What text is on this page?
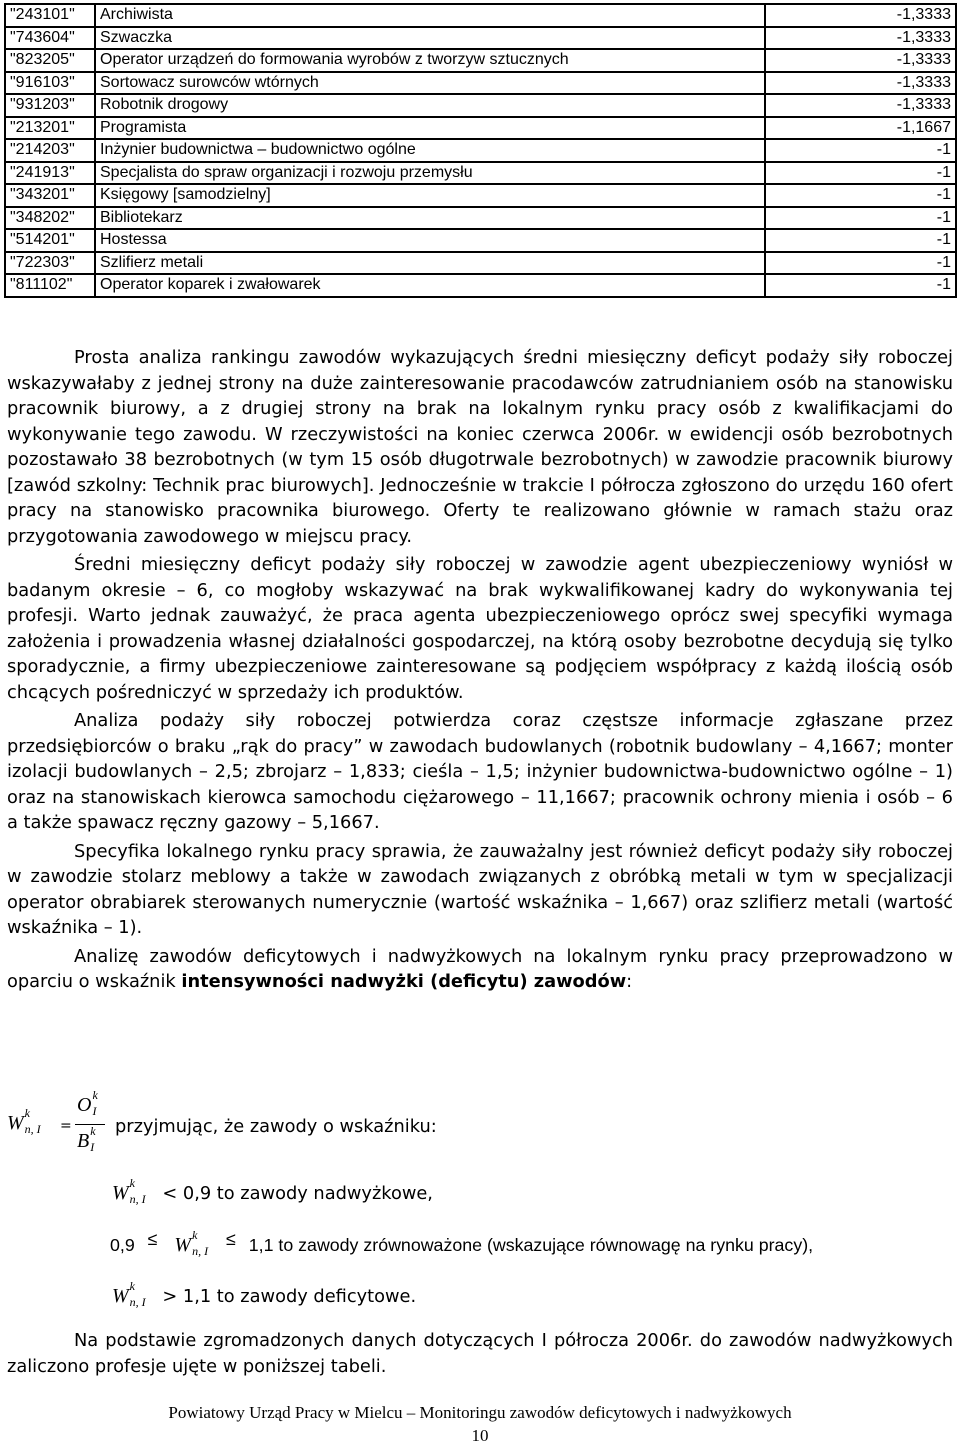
"243101"	Archiwista	-1,3333
"743604"	Szwaczka	-1,3333
"823205"	Operator urządzeń do formowania wyrobów z tworzyw sztucznych	-1,3333
"916103"	Sortowacz surowców wtórnych	-1,3333
"931203"	Robotnik drogowy	-1,3333
"213201"	Programista	-1,1667
"214203"	Inżynier budownictwa – budownictwo ogólne	-1
"241913"	Specjalista do spraw organizacji i rozwoju przemysłu	-1
"343201"	Księgowy [samodzielny]	-1
"348202"	Bibliotekarz	-1
"514201"	Hostessa	-1
"722303"	Szlifierz metali	-1
"811102"	Operator koparek i zwałowarek	-1

Prosta analiza rankingu zawodów wykazujących średni miesięczny deficyt podaży siły roboczej wskazywałaby z jednej strony na duże zainteresowanie pracodawców zatrudnianiem osób na stanowisku pracownik biurowy, a z drugiej strony na brak na lokalnym rynku pracy osób z kwalifikacjami do wykonywanie tego zawodu. W rzeczywistości na koniec czerwca 2006r. w ewidencji osób bezrobotnych pozostawało 38 bezrobotnych (w tym 15 osób długotrwale bezrobotnych) w zawodzie pracownik biurowy [zawód szkolny: Technik prac biurowych]. Jednocześnie w trakcie I półrocza zgłoszono do urzędu 160 ofert pracy na stanowisko pracownika biurowego. Oferty te realizowano głównie w ramach stażu oraz przygotowania zawodowego w miejscu pracy.

Średni miesięczny deficyt podaży siły roboczej w zawodzie agent ubezpieczeniowy wyniósł w badanym okresie – 6, co mogłoby wskazywać na brak wykwalifikowanej kadry do wykonywania tej profesji. Warto jednak zauważyć, że praca agenta ubezpieczeniowego oprócz swej specyfiki wymaga założenia i prowadzenia własnej działalności gospodarczej, na którą osoby bezrobotne decydują się tylko sporadycznie, a firmy ubezpieczeniowe zainteresowane są podjęciem współpracy z każdą ilością osób chcących pośredniczyć w sprzedaży ich produktów.

Analiza podaży siły roboczej potwierdza coraz częstsze informacje zgłaszane przez przedsiębiorców o braku „rąk do pracy” w zawodach budowlanych (robotnik budowlany – 4,1667; monter izolacji budowlanych – 2,5; zbrojarz – 1,833; cieśla – 1,5; inżynier budownictwa-budownictwo ogólne – 1) oraz na stanowiskach kierowca samochodu ciężarowego – 11,1667; pracownik ochrony mienia i osób – 6 a także spawacz ręczny gazowy – 5,1667.

Specyfika lokalnego rynku pracy sprawia, że zauważalny jest również deficyt podaży siły roboczej w zawodzie stolarz meblowy a także w zawodach związanych z obróbką metali w tym w specjalizacji operator obrabiarek sterowanych numerycznie (wartość wskaźnika – 1,667) oraz szlifierz metali (wartość wskaźnika – 1).

Analizę zawodów deficytowych i nadwyżkowych na lokalnym rynku pracy przeprowadzono w oparciu o wskaźnik intensywności nadwyżki (deficytu) zawodów:

W k
n, I =
O k
I
B k
I
przyjmując, że zawody o wskaźniku:
W k
n, I < 0,9 to zawody nadwyżkowe,
0,9 ≤ W k
n, I
≤ 1,1 to zawody zrównoważone (wskazujące równowagę na rynku pracy),
W k
n, I > 1,1 to zawody deficytowe.

Na podstawie zgromadzonych danych dotyczących I półrocza 2006r. do zawodów nadwyżkowych zaliczono profesje ujęte w poniższej tabeli.

Powiatowy Urząd Pracy w Mielcu – Monitoringu zawodów deficytowych i nadwyżkowych
10
